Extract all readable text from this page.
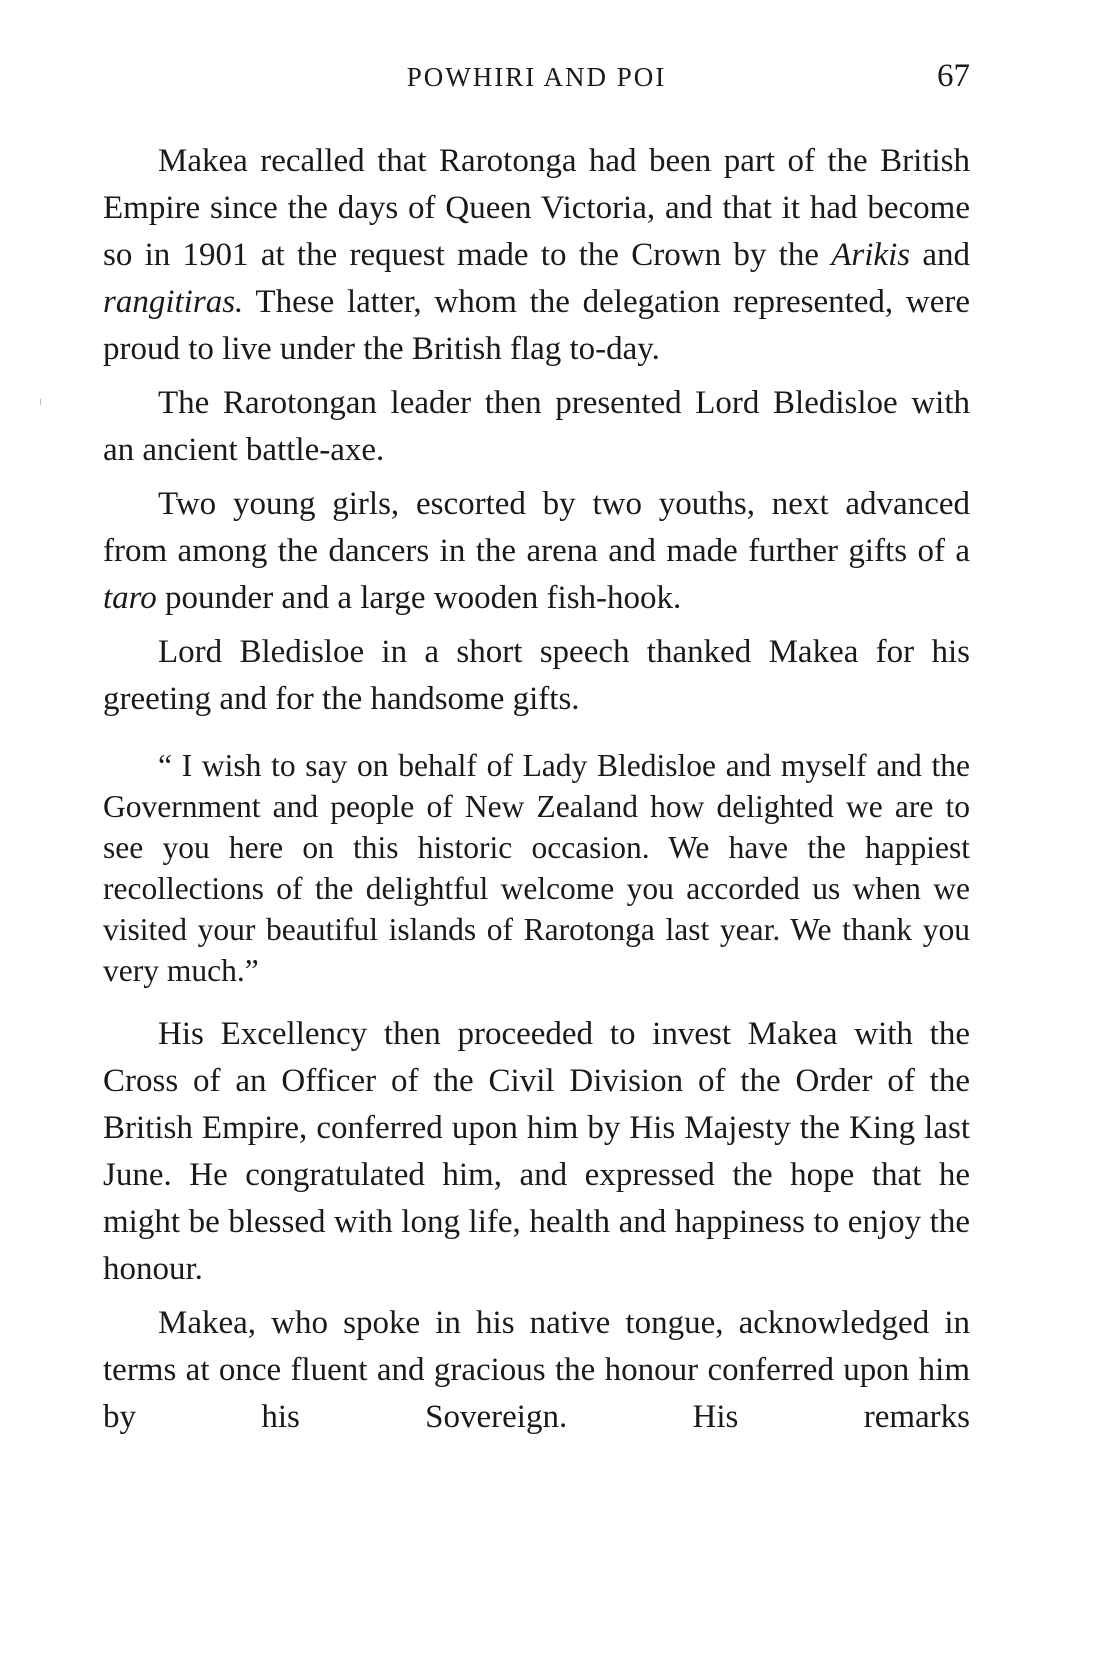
POWHIRI AND POI	67

Makea recalled that Rarotonga had been part of the British Empire since the days of Queen Victoria, and that it had become so in 1901 at the request made to the Crown by the Arikis and rangitiras. These latter, whom the delegation represented, were proud to live under the British flag to-day.

The Rarotongan leader then presented Lord Bledisloe with an ancient battle-axe.

Two young girls, escorted by two youths, next advanced from among the dancers in the arena and made further gifts of a taro pounder and a large wooden fish-hook.

Lord Bledisloe in a short speech thanked Makea for his greeting and for the handsome gifts.

“ I wish to say on behalf of Lady Bledisloe and myself and the Government and people of New Zealand how delighted we are to see you here on this historic occasion. We have the happiest recollections of the delightful welcome you accorded us when we visited your beautiful islands of Rarotonga last year. We thank you very much.”

His Excellency then proceeded to invest Makea with the Cross of an Officer of the Civil Division of the Order of the British Empire, conferred upon him by His Majesty the King last June. He congratulated him, and expressed the hope that he might be blessed with long life, health and happiness to enjoy the honour.

Makea, who spoke in his native tongue, acknowledged in terms at once fluent and gracious the honour conferred upon him by his Sovereign. His remarks
